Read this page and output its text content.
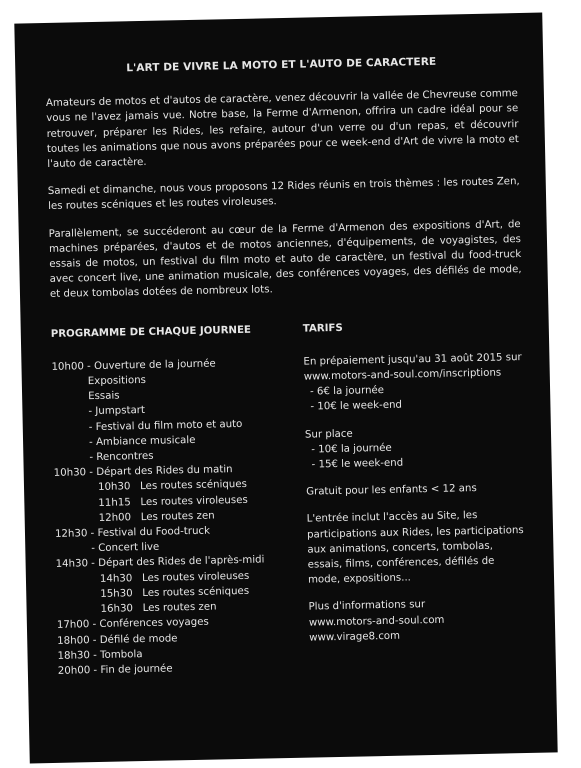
L'ART DE VIVRE LA MOTO ET L'AUTO DE CARACTERE

Amateurs de motos et d'autos de caractère, venez découvrir la vallée de Chevreuse comme vous ne l'avez jamais vue. Notre base, la Ferme d'Armenon, offrira un cadre idéal pour se retrouver, préparer les Rides, les refaire, autour d'un verre ou d'un repas, et découvrir toutes les animations que nous avons préparées pour ce week-end d'Art de vivre la moto et l'auto de caractère.

Samedi et dimanche, nous vous proposons 12 Rides réunis en trois thèmes : les routes Zen, les routes scéniques et les routes viroleuses.

Parallèlement, se succéderont au cœur de la Ferme d'Armenon des expositions d'Art, de machines préparées, d'autos et de motos anciennes, d'équipements, de voyagistes, des essais de motos, un festival du film moto et auto de caractère, un festival du food-truck avec concert live, une animation musicale, des conférences voyages, des défilés de mode, et deux tombolas dotées de nombreux lots.

PROGRAMME DE CHAQUE JOURNEE
10h00 - Ouverture de la journée
Expositions
Essais
- Jumpstart
- Festival du film moto et auto
- Ambiance musicale
- Rencontres
10h30 - Départ des Rides du matin
10h30   Les routes scéniques
11h15   Les routes viroleuses
12h00   Les routes zen
12h30 - Festival du Food-truck
- Concert live
14h30 - Départ des Rides de l'après-midi
14h30   Les routes viroleuses
15h30   Les routes scéniques
16h30   Les routes zen
17h00 - Conférences voyages
18h00 - Défilé de mode
18h30 - Tombola
20h00 - Fin de journée
TARIFS
En prépaiement jusqu'au 31 août 2015 sur
www.motors-and-soul.com/inscriptions
- 6€ la journée
- 10€ le week-end
Sur place
- 10€ la journée
- 15€ le week-end
Gratuit pour les enfants < 12 ans
L'entrée inclut l'accès au Site, les participations aux Rides, les participations aux animations, concerts, tombolas, essais, films, conférences, défilés de mode, expositions...
Plus d'informations sur
www.motors-and-soul.com
www.virage8.com
